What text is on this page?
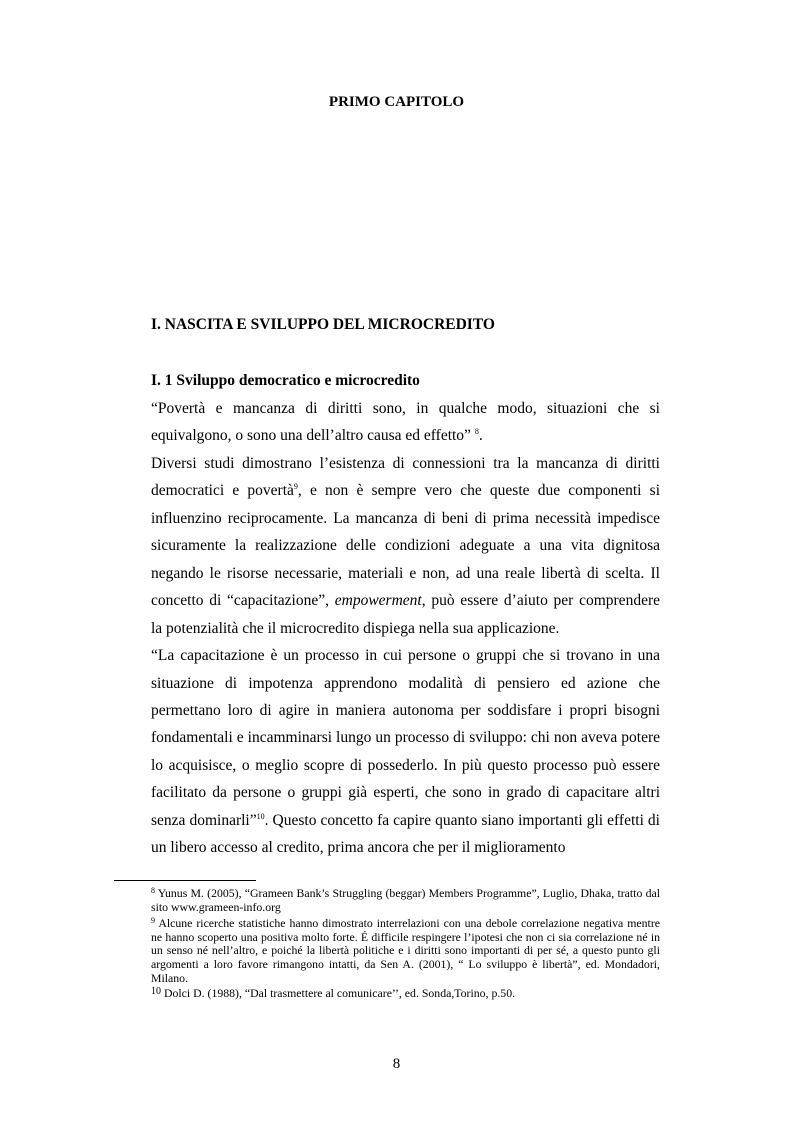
PRIMO CAPITOLO
I. NASCITA E SVILUPPO DEL MICROCREDITO
I. 1 Sviluppo democratico e microcredito

“Povertà e mancanza di diritti sono, in qualche modo, situazioni che si equivalgono, o sono una dell’altro causa ed effetto” $^8$.

Diversi studi dimostrano l’esistenza di connessioni tra la mancanza di diritti democratici e povertà$^9$, e non è sempre vero che queste due componenti si influenzino reciprocamente. La mancanza di beni di prima necessità impedisce sicuramente la realizzazione delle condizioni adeguate a una vita dignitosa negando le risorse necessarie, materiali e non, ad una reale libertà di scelta. Il concetto di “capacitazione”, empowerment, può essere d’aiuto per comprendere la potenzialità che il microcredito dispiega nella sua applicazione.

“La capacitazione è un processo in cui persone o gruppi che si trovano in una situazione di impotenza apprendono modalità di pensiero ed azione che permettano loro di agire in maniera autonoma per soddisfare i propri bisogni fondamentali e incamminarsi lungo un processo di sviluppo: chi non aveva potere lo acquisisce, o meglio scopre di possederlo. In più questo processo può essere facilitato da persone o gruppi già esperti, che sono in grado di capacitare altri senza dominarli”$^{10}$. Questo concetto fa capire quanto siano importanti gli effetti di un libero accesso al credito, prima ancora che per il miglioramento

$^8$ Yunus M. (2005), “Grameen Bank’s Struggling (beggar) Members Programme”, Luglio, Dhaka, tratto dal sito www.grameen-info.org

$^9$ Alcune ricerche statistiche hanno dimostrato interrelazioni con una debole correlazione negativa mentre ne hanno scoperto una positiva molto forte. É difficile respingere l’ipotesi che non ci sia correlazione né in un senso né nell’altro, e poiché la libertà politiche e i diritti sono importanti di per sé, a questo punto gli argomenti a loro favore rimangono intatti, da Sen A. (2001), “ Lo sviluppo è libertà”, ed. Mondadori, Milano.

$^{10}$ Dolci D. (1988), “Dal trasmettere al comunicare’’, ed. Sonda,Torino, p.50.

8
